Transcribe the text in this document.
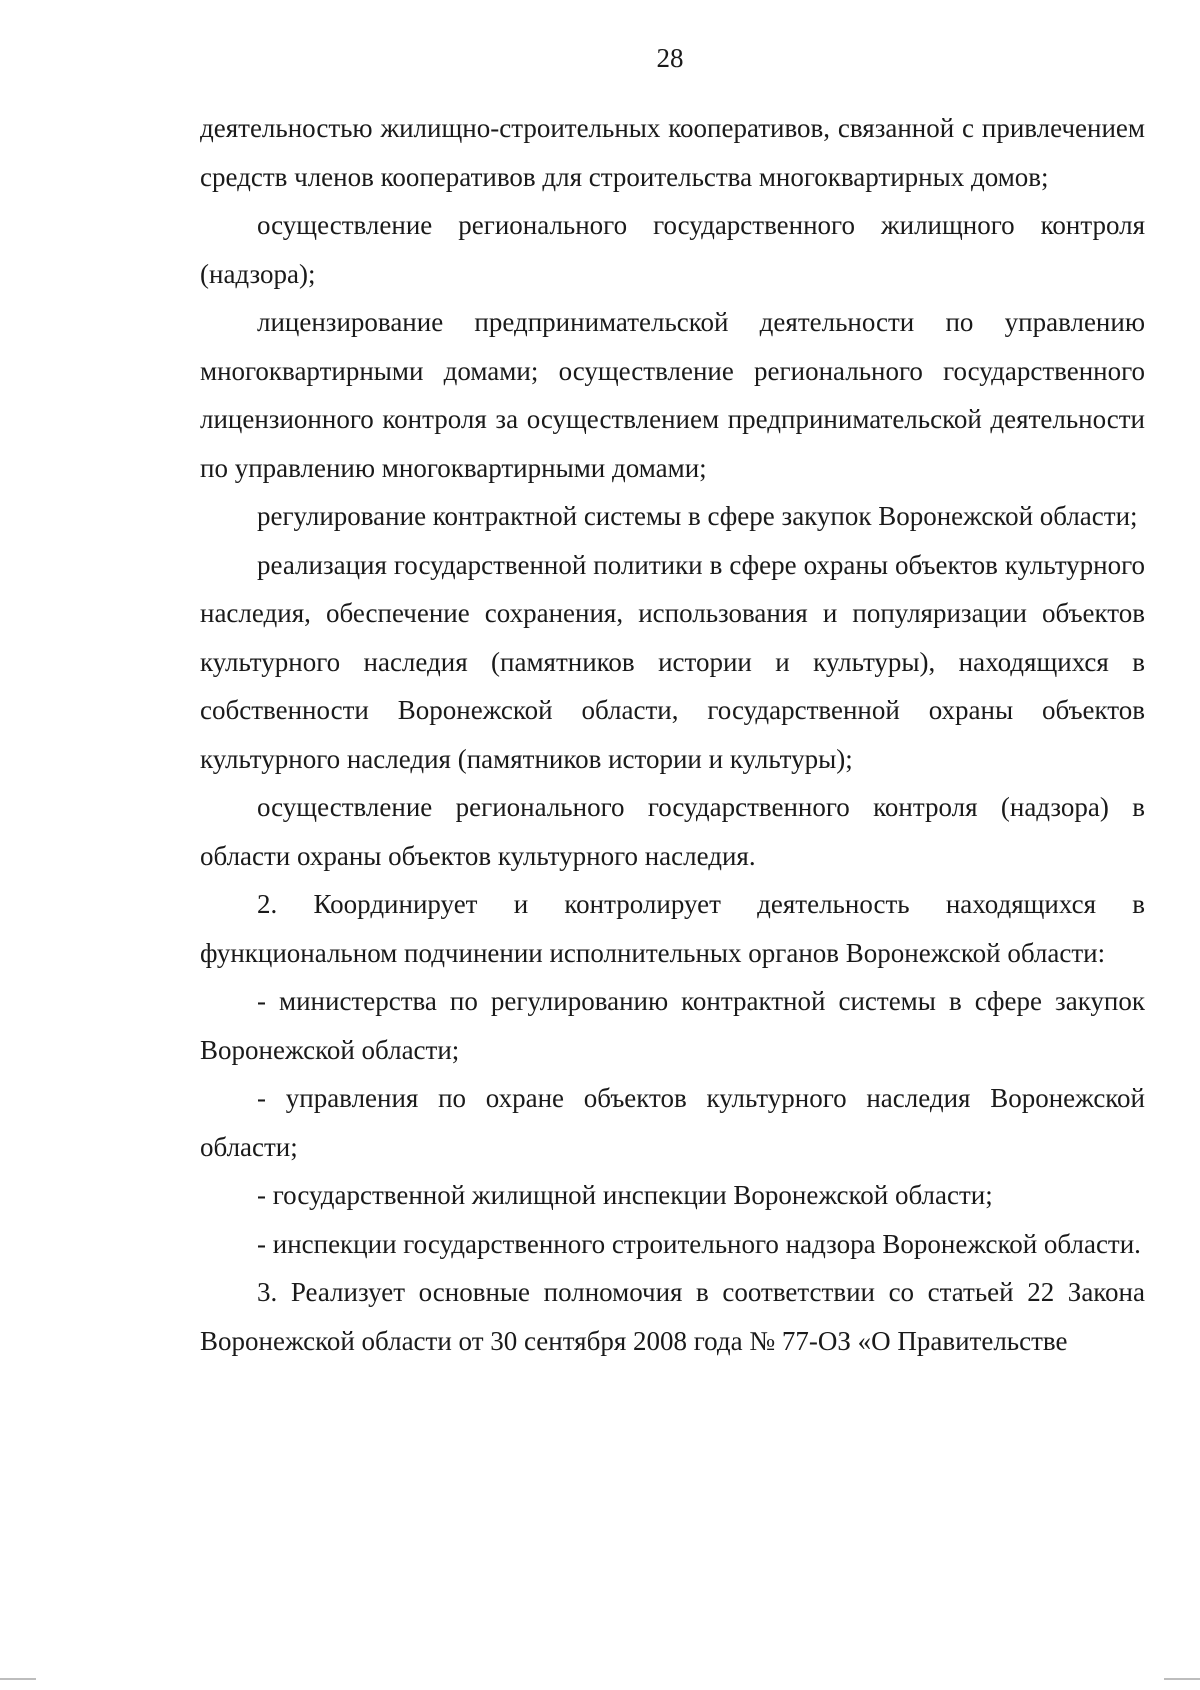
28

деятельностью жилищно-строительных кооперативов, связанной с привлечением средств членов кооперативов для строительства многоквартирных домов;

осуществление регионального государственного жилищного контроля (надзора);

лицензирование предпринимательской деятельности по управлению многоквартирными домами; осуществление регионального государственного лицензионного контроля за осуществлением предпринимательской деятельности по управлению многоквартирными домами;

регулирование контрактной системы в сфере закупок Воронежской области;

реализация государственной политики в сфере охраны объектов культурного наследия, обеспечение сохранения, использования и популяризации объектов культурного наследия (памятников истории и культуры), находящихся в собственности Воронежской области, государственной охраны объектов культурного наследия (памятников истории и культуры);

осуществление регионального государственного контроля (надзора) в области охраны объектов культурного наследия.

2. Координирует и контролирует деятельность находящихся в функциональном подчинении исполнительных органов Воронежской области:

- министерства по регулированию контрактной системы в сфере закупок Воронежской области;

- управления по охране объектов культурного наследия Воронежской области;

- государственной жилищной инспекции Воронежской области;

- инспекции государственного строительного надзора Воронежской области.

3. Реализует основные полномочия в соответствии со статьей 22 Закона Воронежской области от 30 сентября 2008 года № 77-ОЗ «О Правительстве
